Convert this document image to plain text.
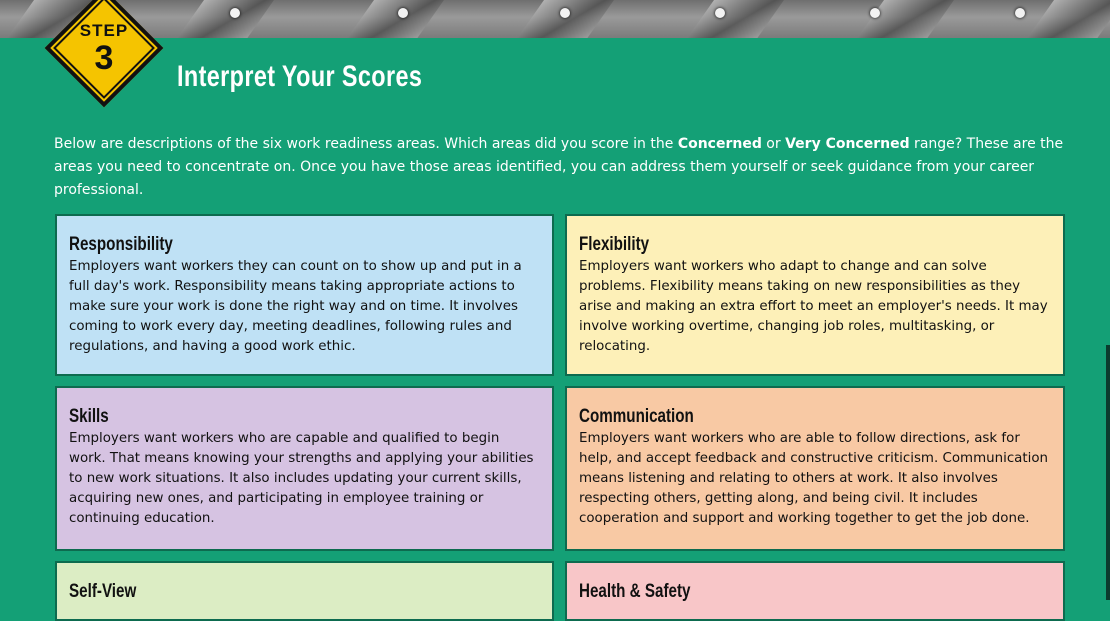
STEP
3	Interpret Your Scores
Below are descriptions of the six work readiness areas. Which areas did you score in the Concerned or Very Concerned range? These are the areas you need to concentrate on. Once you have those areas identified, you can address them yourself or seek guidance from your career professional.
Responsibility

Employers want workers they can count on to show up and put in a full day's work. Responsibility means taking appropriate actions to make sure your work is done the right way and on time. It involves coming to work every day, meeting deadlines, following rules and regulations, and having a good work ethic.

Flexibility

Employers want workers who adapt to change and can solve problems. Flexibility means taking on new responsibilities as they arise and making an extra effort to meet an employer's needs. It may involve working overtime, changing job roles, multitasking, or relocating.

Skills

Employers want workers who are capable and qualified to begin work. That means knowing your strengths and applying your abilities to new work situations. It also includes updating your current skills, acquiring new ones, and participating in employee training or continuing education.

Communication

Employers want workers who are able to follow directions, ask for help, and accept feedback and constructive criticism. Communication means listening and relating to others at work. It also involves respecting others, getting along, and being civil. It includes cooperation and support and working together to get the job done.

Self-View	Health & Safety
